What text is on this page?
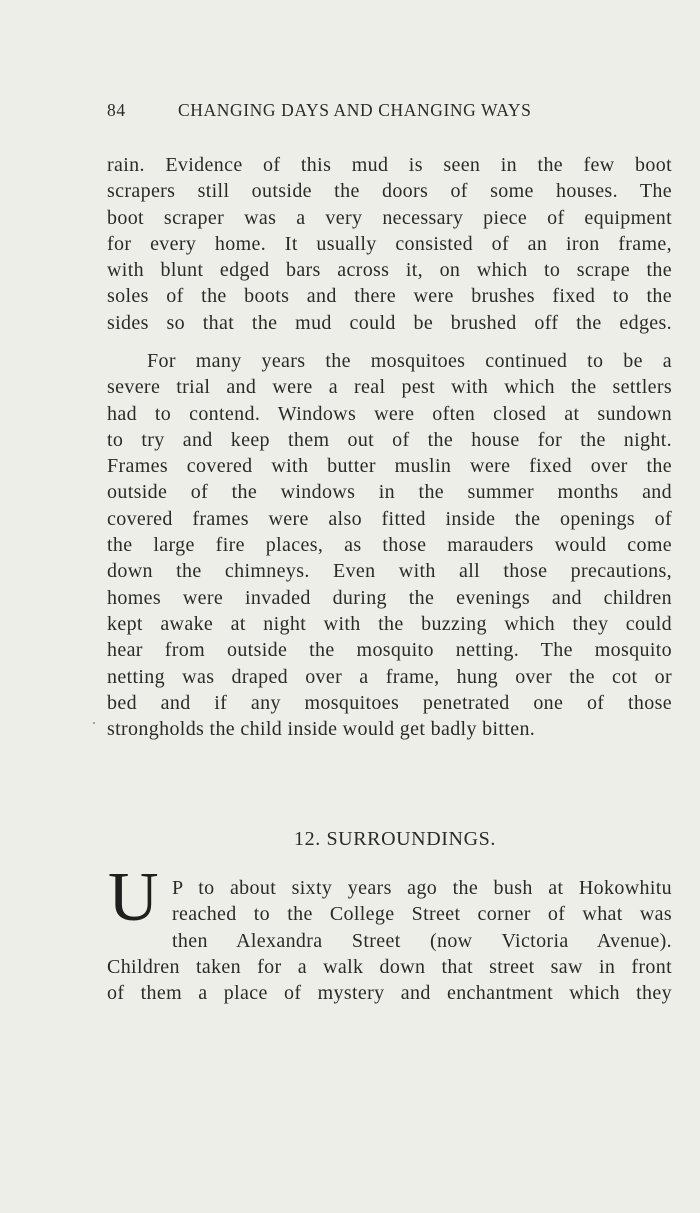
84	CHANGING DAYS AND CHANGING WAYS
rain. Evidence of this mud is seen in the few boot
scrapers still outside the doors of some houses. The
boot scraper was a very necessary piece of equipment
for every home. It usually consisted of an iron frame,
with blunt edged bars across it, on which to scrape the
soles of the boots and there were brushes fixed to the
sides so that the mud could be brushed off the edges.
For many years the mosquitoes continued to be a
severe trial and were a real pest with which the settlers
had to contend. Windows were often closed at sundown
to try and keep them out of the house for the night.
Frames covered with butter muslin were fixed over the
outside of the windows in the summer months and
covered frames were also fitted inside the openings of
the large fire places, as those marauders would come
down the chimneys. Even with all those precautions,
homes were invaded during the evenings and children
kept awake at night with the buzzing which they could
hear from outside the mosquito netting. The mosquito
netting was draped over a frame, hung over the cot or
bed and if any mosquitoes penetrated one of those
strongholds the child inside would get badly bitten.
12. SURROUNDINGS.
U P to about sixty years ago the bush at Hokowhitu
reached to the College Street corner of what was
then Alexandra Street (now Victoria Avenue).
Children taken for a walk down that street saw in front
of them a place of mystery and enchantment which they
